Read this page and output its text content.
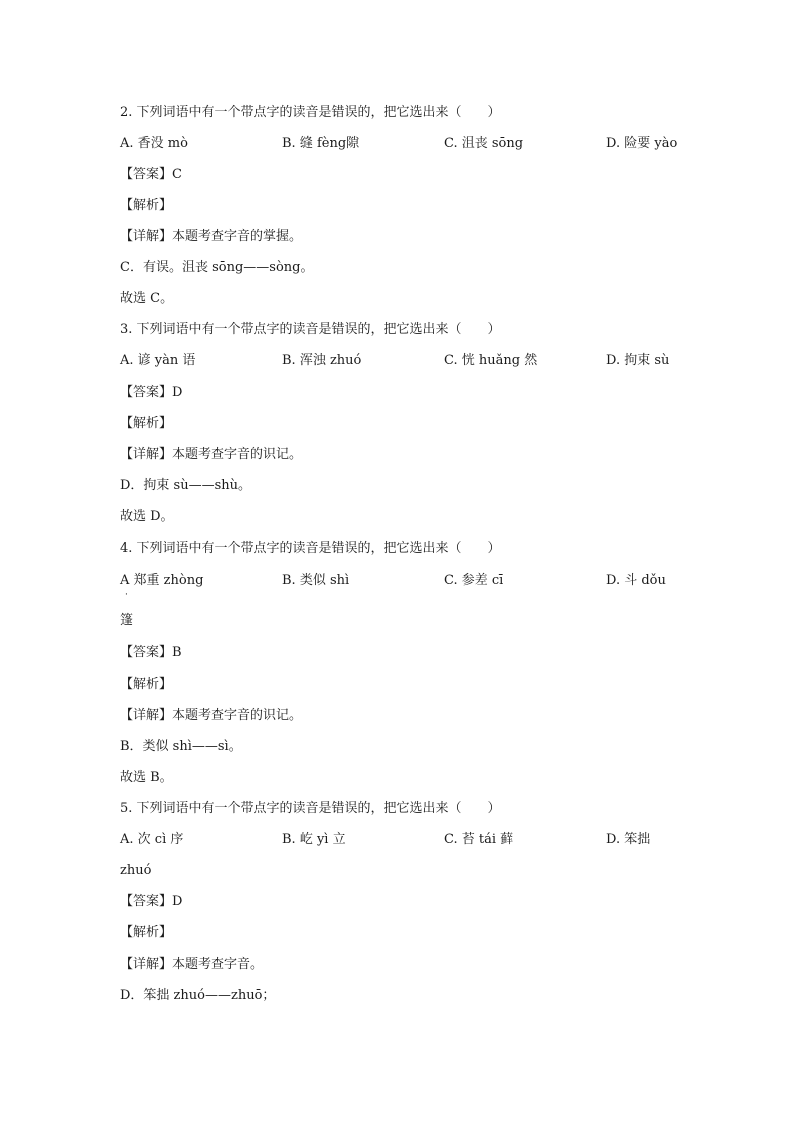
2. 下列词语中有一个带点字的读音是错误的，把它选出来（　　）
A. 香没 mò	B. 缝 fèng隙	C. 沮丧 sōng	D. 险要 yào
【答案】C
【解析】
【详解】本题考查字音的掌握。
C．有误。沮丧 sōng——sòng。
故选 C。
3. 下列词语中有一个带点字的读音是错误的，把它选出来（　　）
A. 谚 yàn 语	B. 浑浊 zhuó	C. 恍 huǎng 然	D. 拘束 sù
【答案】D
【解析】
【详解】本题考查字音的识记。
D．拘束 sù——shù。
故选 D。
4. 下列词语中有一个带点字的读音是错误的，把它选出来（　　）
A 郑重 zhòng
·
B. 类似 shì	C. 参差 cī	D. 斗 dǒu
篷
【答案】B
【解析】
【详解】本题考查字音的识记。
B．类似 shì——sì。
故选 B。
5. 下列词语中有一个带点字的读音是错误的，把它选出来（　　）
A. 次 cì 序	B. 屹 yì 立	C. 苔 tái 藓	D. 笨拙
zhuó
【答案】D
【解析】
【详解】本题考查字音。
D．笨拙 zhuó——zhuō；
